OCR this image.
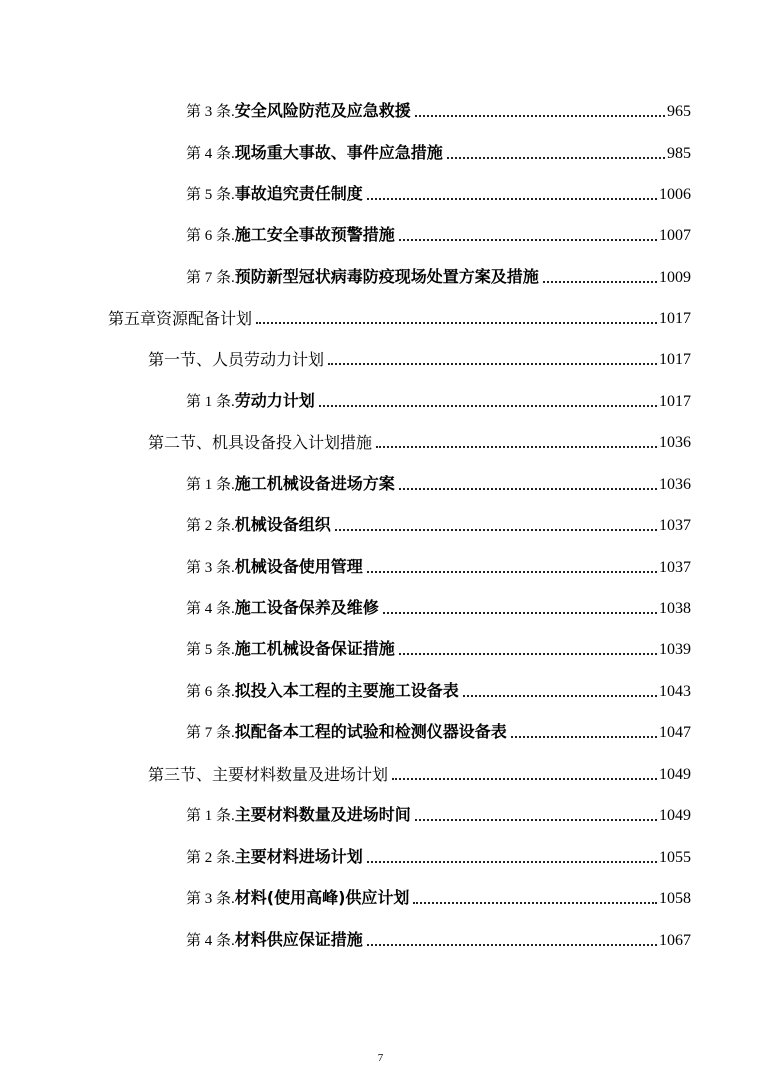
第 3 条.安全风险防范及应急救援	965
第 4 条.现场重大事故、事件应急措施	985
第 5 条.事故追究责任制度	1006
第 6 条.施工安全事故预警措施	1007
第 7 条.预防新型冠状病毒防疫现场处置方案及措施	1009
第五章资源配备计划	1017
第一节、人员劳动力计划	1017
第 1 条.劳动力计划	1017
第二节、机具设备投入计划措施	1036
第 1 条.施工机械设备进场方案	1036
第 2 条.机械设备组织	1037
第 3 条.机械设备使用管理	1037
第 4 条.施工设备保养及维修	1038
第 5 条.施工机械设备保证措施	1039
第 6 条.拟投入本工程的主要施工设备表	1043
第 7 条.拟配备本工程的试验和检测仪器设备表	1047
第三节、主要材料数量及进场计划	1049
第 1 条.主要材料数量及进场时间	1049
第 2 条.主要材料进场计划	1055
第 3 条.材料(使用高峰)供应计划	1058
第 4 条.材料供应保证措施	1067
7
